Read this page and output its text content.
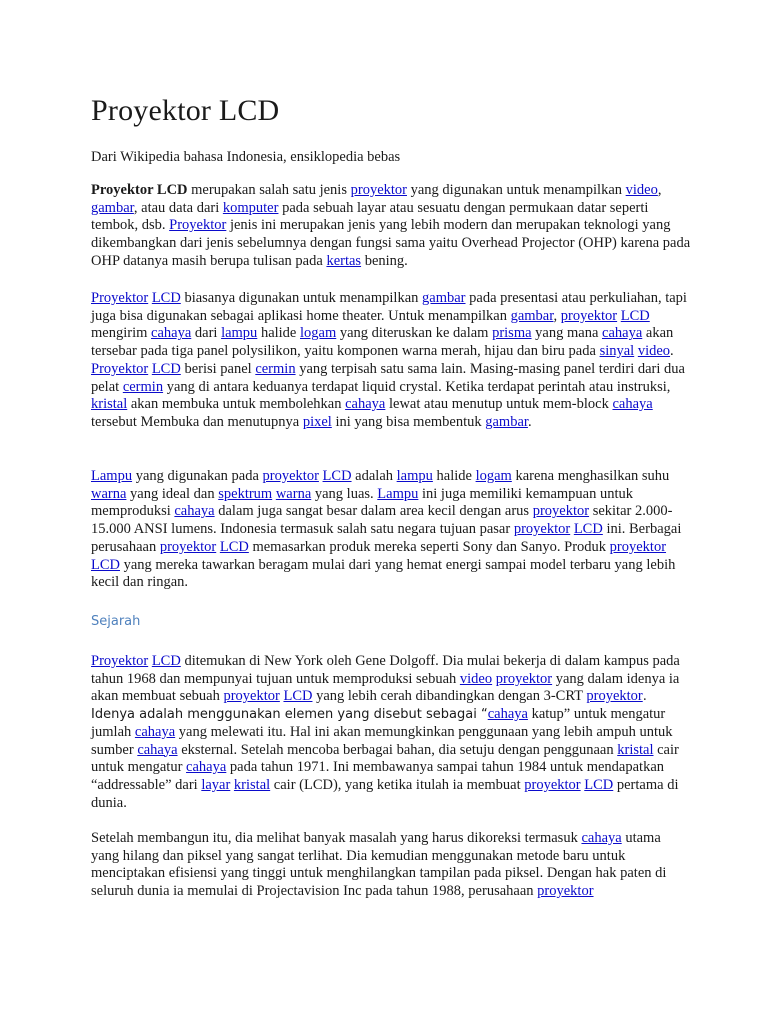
Proyektor LCD

Dari Wikipedia bahasa Indonesia, ensiklopedia bebas

Proyektor LCD merupakan salah satu jenis proyektor yang digunakan untuk menampilkan video, gambar, atau data dari komputer pada sebuah layar atau sesuatu dengan permukaan datar seperti tembok, dsb. Proyektor jenis ini merupakan jenis yang lebih modern dan merupakan teknologi yang dikembangkan dari jenis sebelumnya dengan fungsi sama yaitu Overhead Projector (OHP) karena pada OHP datanya masih berupa tulisan pada kertas bening.

Proyektor LCD biasanya digunakan untuk menampilkan gambar pada presentasi atau perkuliahan, tapi juga bisa digunakan sebagai aplikasi home theater. Untuk menampilkan gambar, proyektor LCD mengirim cahaya dari lampu halide logam yang diteruskan ke dalam prisma yang mana cahaya akan tersebar pada tiga panel polysilikon, yaitu komponen warna merah, hijau dan biru pada sinyal video. Proyektor LCD berisi panel cermin yang terpisah satu sama lain. Masing-masing panel terdiri dari dua pelat cermin yang di antara keduanya terdapat liquid crystal. Ketika terdapat perintah atau instruksi, kristal akan membuka untuk membolehkan cahaya lewat atau menutup untuk mem-block cahaya tersebut Membuka dan menutupnya pixel ini yang bisa membentuk gambar.

Lampu yang digunakan pada proyektor LCD adalah lampu halide logam karena menghasilkan suhu warna yang ideal dan spektrum warna yang luas. Lampu ini juga memiliki kemampuan untuk memproduksi cahaya dalam juga sangat besar dalam area kecil dengan arus proyektor sekitar 2.000-15.000 ANSI lumens. Indonesia termasuk salah satu negara tujuan pasar proyektor LCD ini. Berbagai perusahaan proyektor LCD memasarkan produk mereka seperti Sony dan Sanyo. Produk proyektor LCD yang mereka tawarkan beragam mulai dari yang hemat energi sampai model terbaru yang lebih kecil dan ringan.

Sejarah

Proyektor LCD ditemukan di New York oleh Gene Dolgoff. Dia mulai bekerja di dalam kampus pada tahun 1968 dan mempunyai tujuan untuk memproduksi sebuah video proyektor yang dalam idenya ia akan membuat sebuah proyektor LCD yang lebih cerah dibandingkan dengan 3-CRT proyektor. Idenya adalah menggunakan elemen yang disebut sebagai “cahaya katup” untuk mengatur jumlah cahaya yang melewati itu. Hal ini akan memungkinkan penggunaan yang lebih ampuh untuk sumber cahaya eksternal. Setelah mencoba berbagai bahan, dia setuju dengan penggunaan kristal cair untuk mengatur cahaya pada tahun 1971. Ini membawanya sampai tahun 1984 untuk mendapatkan “addressable” dari layar kristal cair (LCD), yang ketika itulah ia membuat proyektor LCD pertama di dunia.

Setelah membangun itu, dia melihat banyak masalah yang harus dikoreksi termasuk cahaya utama yang hilang dan piksel yang sangat terlihat. Dia kemudian menggunakan metode baru untuk menciptakan efisiensi yang tinggi untuk menghilangkan tampilan pada piksel. Dengan hak paten di seluruh dunia ia memulai di Projectavision Inc pada tahun 1988, perusahaan proyektor
